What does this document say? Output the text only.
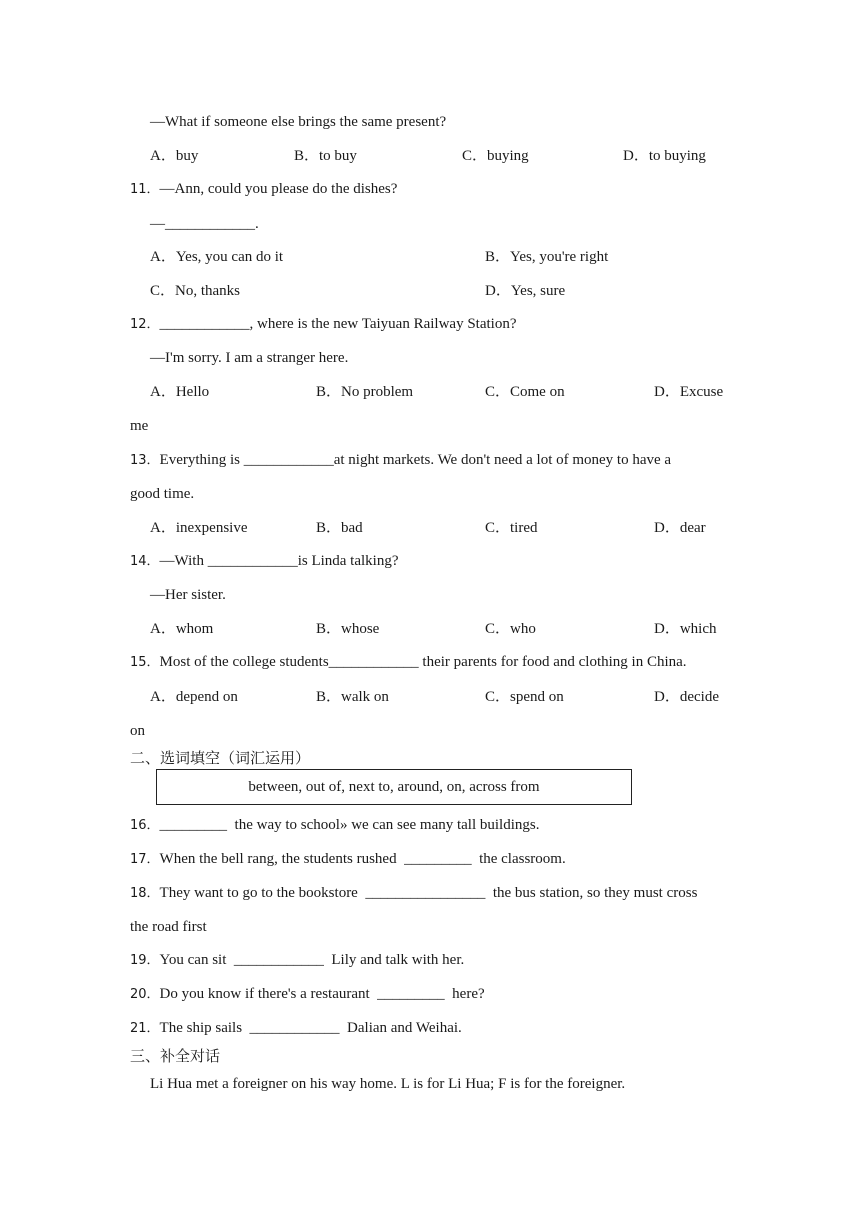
—What if someone else brings the same present?
A．buy	B．to buy	C．buying	D．to buying
11．—Ann, could you please do the dishes?
—____________.
A．Yes, you can do it	B．Yes, you're right
C．No, thanks	D．Yes, sure
12．____________, where is the new Taiyuan Railway Station?
—I'm sorry. I am a stranger here.
A．Hello	B．No problem	C．Come on	D．Excuse
me
13．Everything is ____________at night markets. We don't need a lot of money to have a
good time.
A．inexpensive	B．bad	C．tired	D．dear
14．—With ____________is Linda talking?
—Her sister.
A．whom	B．whose	C．who	D．which
15．Most of the college students____________ their parents for food and clothing in China.
A．depend on	B．walk on	C．spend on	D．decide
on
二、选词填空（词汇运用）
between, out of, next to, around, on, across from
16．_________  the way to school» we can see many tall buildings.
17．When the bell rang, the students rushed  _________  the classroom.
18．They want to go to the bookstore  ________________  the bus station, so they must cross
the road first
19．You can sit  ____________  Lily and talk with her.
20．Do you know if there's a restaurant  _________  here?
21．The ship sails  ____________  Dalian and Weihai.
三、补全对话
Li Hua met a foreigner on his way home. L is for Li Hua; F is for the foreigner.
